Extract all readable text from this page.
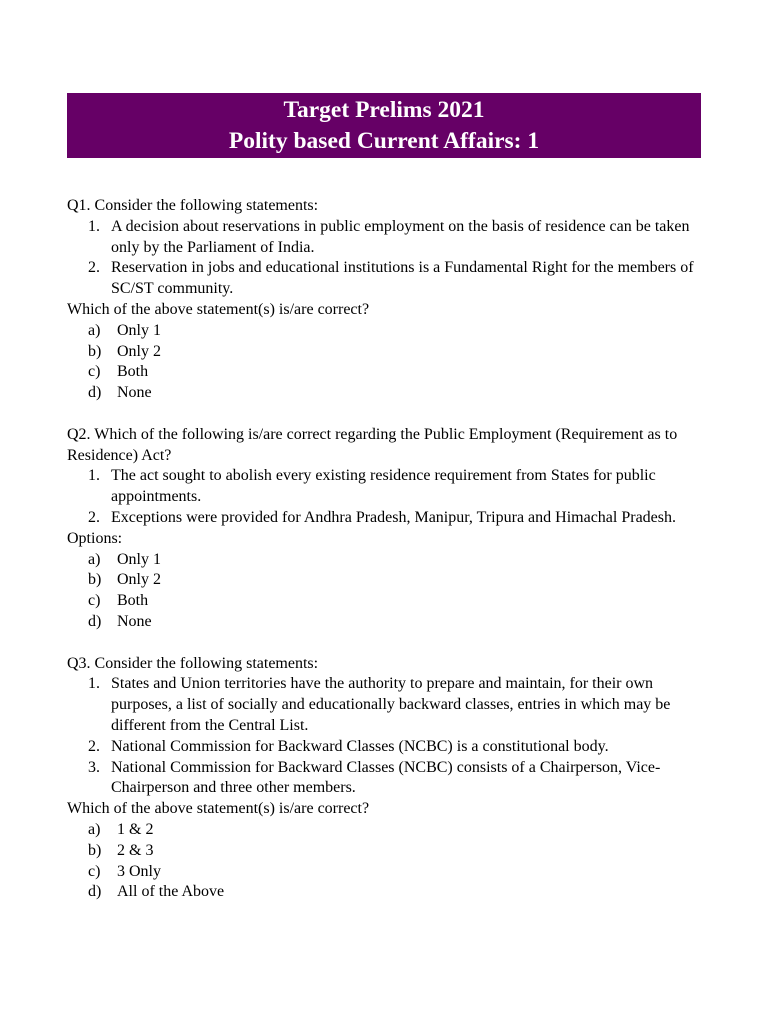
Target Prelims 2021
Polity based Current Affairs: 1

Q1. Consider the following statements:

1. A decision about reservations in public employment on the basis of residence can be taken only by the Parliament of India.
2. Reservation in jobs and educational institutions is a Fundamental Right for the members of SC/ST community.

Which of the above statement(s) is/are correct?

a) Only 1
b) Only 2
c) Both
d) None

Q2. Which of the following is/are correct regarding the Public Employment (Requirement as to Residence) Act?

1. The act sought to abolish every existing residence requirement from States for public appointments.
2. Exceptions were provided for Andhra Pradesh, Manipur, Tripura and Himachal Pradesh.

Options:

a) Only 1
b) Only 2
c) Both
d) None

Q3. Consider the following statements:

1. States and Union territories have the authority to prepare and maintain, for their own purposes, a list of socially and educationally backward classes, entries in which may be different from the Central List.
2. National Commission for Backward Classes (NCBC) is a constitutional body.
3. National Commission for Backward Classes (NCBC) consists of a Chairperson, Vice-Chairperson and three other members.

Which of the above statement(s) is/are correct?

a) 1 & 2
b) 2 & 3
c) 3 Only
d) All of the Above
